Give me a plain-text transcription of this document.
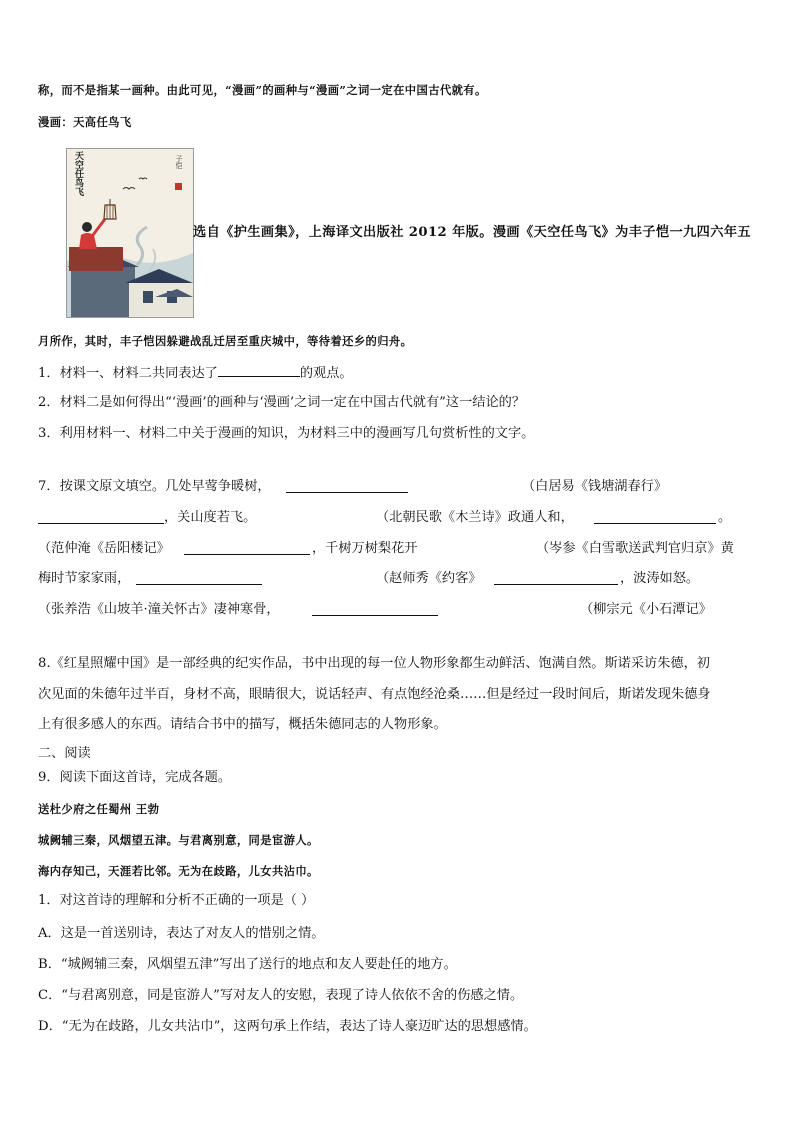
称，而不是指某一画种。由此可见，“漫画”的画种与“漫画”之词一定在中国古代就有。
漫画：天高任鸟飞
天空任鸟飞	子恺
选自《护生画集》，上海译文出版社 2012 年版。漫画《天空任鸟飞》为丰子恺一九四六年五
月所作，其时，丰子恺因躲避战乱迁居至重庆城中，等待着还乡的归舟。
1．材料一、材料二共同表达了	的观点。
2．材料二是如何得出“‘漫画’的画种与‘漫画’之词一定在中国古代就有”这一结论的？
3．利用材料一、材料二中关于漫画的知识，为材料三中的漫画写几句赏析性的文字。
7．按课文原文填空。几处早莺争暖树，	（白居易《钱塘湖春行》
，关山度若飞。	（北朝民歌《木兰诗》政通人和，	。
（范仲淹《岳阳楼记》	，千树万树梨花开	（岑参《白雪歌送武判官归京》黄
梅时节家家雨，	（赵师秀《约客》	，波涛如怒。
（张养浩《山坡羊·潼关怀古》凄神寒骨，	（柳宗元《小石潭记》
8.《红星照耀中国》是一部经典的纪实作品，书中出现的每一位人物形象都生动鲜活、饱满自然。斯诺采访朱德，初
次见面的朱德年过半百，身材不高，眼睛很大，说话轻声、有点饱经沧桑……但是经过一段时间后，斯诺发现朱德身
上有很多感人的东西。请结合书中的描写，概括朱德同志的人物形象。
二、阅读
9．阅读下面这首诗，完成各题。
送杜少府之任蜀州 王勃
城阙辅三秦，风烟望五津。与君离别意，同是宦游人。
海内存知己，天涯若比邻。无为在歧路，儿女共沾巾。
1．对这首诗的理解和分析不正确的一项是（ ）
A．这是一首送别诗，表达了对友人的惜别之情。
B．“城阙辅三秦，风烟望五津”写出了送行的地点和友人要赴任的地方。
C．“与君离别意，同是宦游人”写对友人的安慰，表现了诗人依依不舍的伤感之情。
D．“无为在歧路，儿女共沾巾”，这两句承上作结，表达了诗人豪迈旷达的思想感情。
